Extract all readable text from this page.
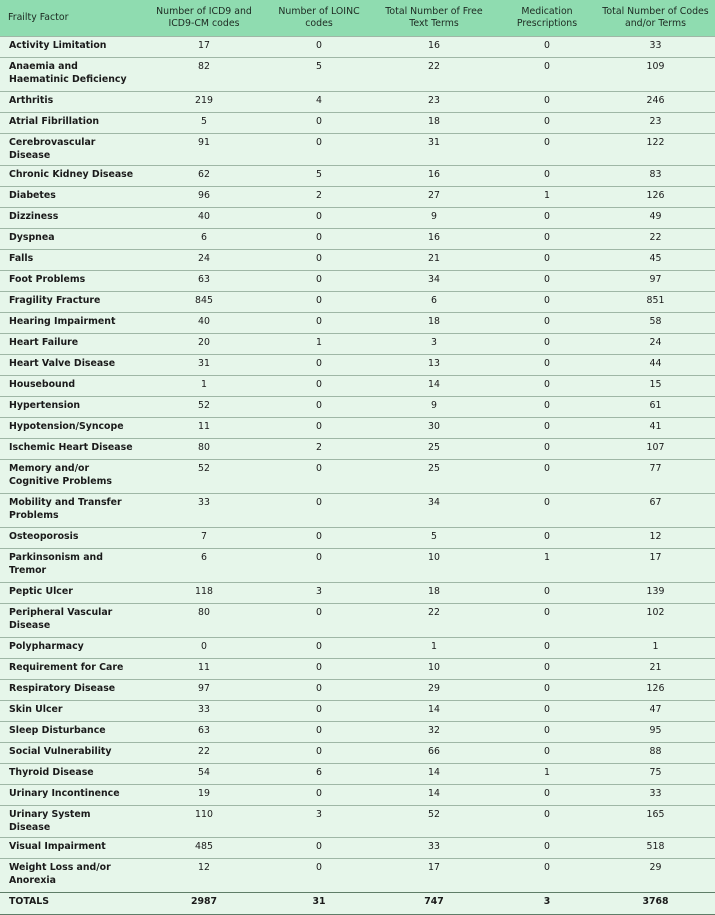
Frailty Factor	Number of ICD9 and ICD9-CM codes	Number of LOINC codes	Total Number of Free Text Terms	Medication Prescriptions	Total Number of Codes and/or Terms
Activity Limitation	17	0	16	0	33
Anaemia and Haematinic Deficiency	82	5	22	0	109
Arthritis	219	4	23	0	246
Atrial Fibrillation	5	0	18	0	23
Cerebrovascular Disease	91	0	31	0	122
Chronic Kidney Disease	62	5	16	0	83
Diabetes	96	2	27	1	126
Dizziness	40	0	9	0	49
Dyspnea	6	0	16	0	22
Falls	24	0	21	0	45
Foot Problems	63	0	34	0	97
Fragility Fracture	845	0	6	0	851
Hearing Impairment	40	0	18	0	58
Heart Failure	20	1	3	0	24
Heart Valve Disease	31	0	13	0	44
Housebound	1	0	14	0	15
Hypertension	52	0	9	0	61
Hypotension/Syncope	11	0	30	0	41
Ischemic Heart Disease	80	2	25	0	107
Memory and/or Cognitive Problems	52	0	25	0	77
Mobility and Transfer Problems	33	0	34	0	67
Osteoporosis	7	0	5	0	12
Parkinsonism and Tremor	6	0	10	1	17
Peptic Ulcer	118	3	18	0	139
Peripheral Vascular Disease	80	0	22	0	102
Polypharmacy	0	0	1	0	1
Requirement for Care	11	0	10	0	21
Respiratory Disease	97	0	29	0	126
Skin Ulcer	33	0	14	0	47
Sleep Disturbance	63	0	32	0	95
Social Vulnerability	22	0	66	0	88
Thyroid Disease	54	6	14	1	75
Urinary Incontinence	19	0	14	0	33
Urinary System Disease	110	3	52	0	165
Visual Impairment	485	0	33	0	518
Weight Loss and/or Anorexia	12	0	17	0	29
TOTALS	2987	31	747	3	3768
